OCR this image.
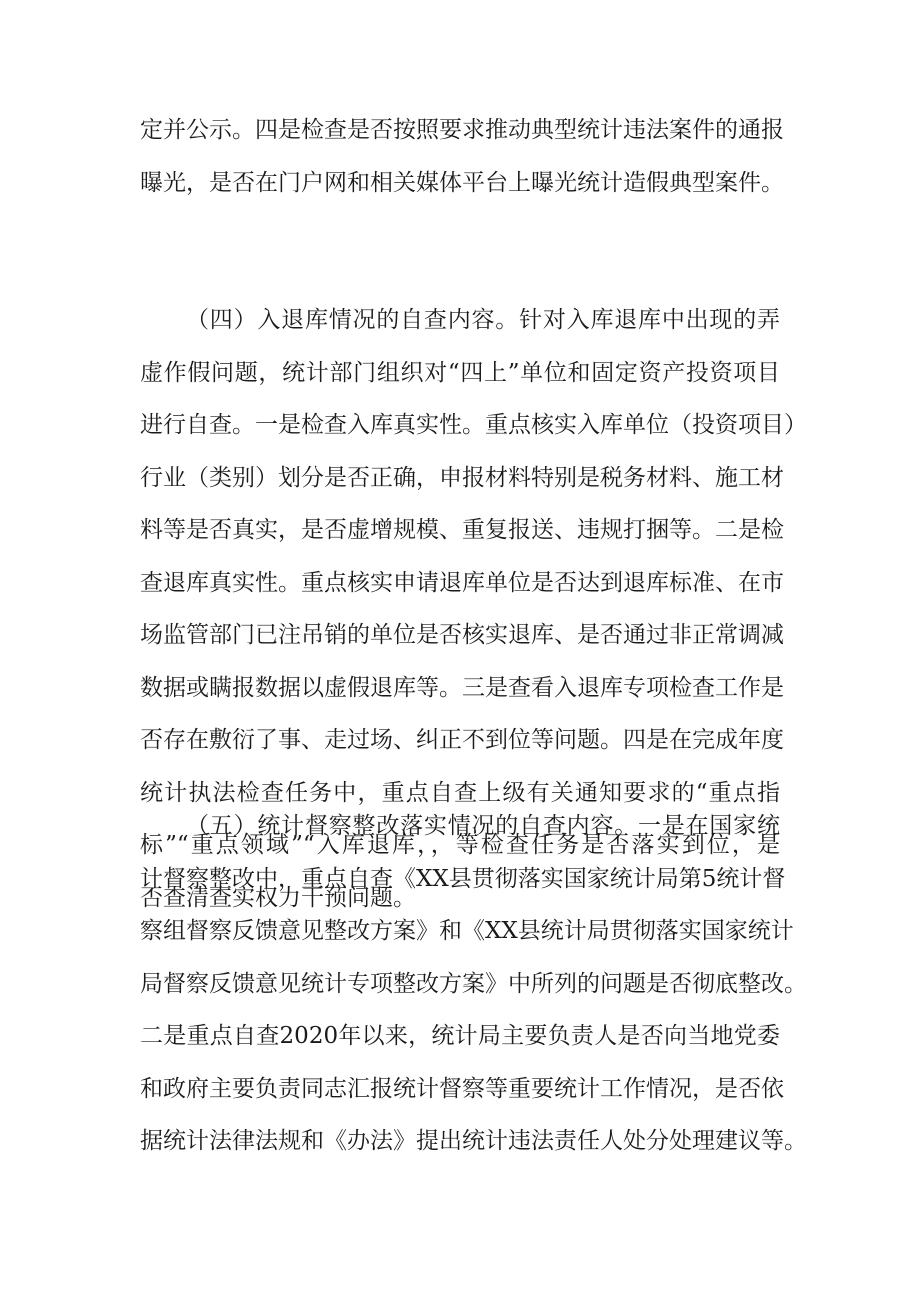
定并公示。四是检查是否按照要求推动典型统计违法案件的通报
曝光，是否在门户网和相关媒体平台上曝光统计造假典型案件。
（四）入退库情况的自查内容。针对入库退库中出现的弄
虚作假问题，统计部门组织对“四上”单位和固定资产投资项目
进行自查。一是检查入库真实性。重点核实入库单位（投资项目）
行业（类别）划分是否正确，申报材料特别是税务材料、施工材
料等是否真实，是否虚增规模、重复报送、违规打捆等。二是检
查退库真实性。重点核实申请退库单位是否达到退库标准、在市
场监管部门已注吊销的单位是否核实退库、是否通过非正常调减
数据或瞒报数据以虚假退库等。三是查看入退库专项检查工作是
否存在敷衍了事、走过场、纠正不到位等问题。四是在完成年度
统计执法检查任务中，重点自查上级有关通知要求的“重点指
标”“重点领域”“入库退库，，等检查任务是否落实到位，是
否查清查实权力干预问题。
（五）统计督察整改落实情况的自查内容。一是在国家统
计督察整改中，重点自查《XX县贯彻落实国家统计局第5统计督
察组督察反馈意见整改方案》和《XX县统计局贯彻落实国家统计
局督察反馈意见统计专项整改方案》中所列的问题是否彻底整改。
二是重点自查2020年以来，统计局主要负责人是否向当地党委
和政府主要负责同志汇报统计督察等重要统计工作情况，是否依
据统计法律法规和《办法》提出统计违法责任人处分处理建议等。
